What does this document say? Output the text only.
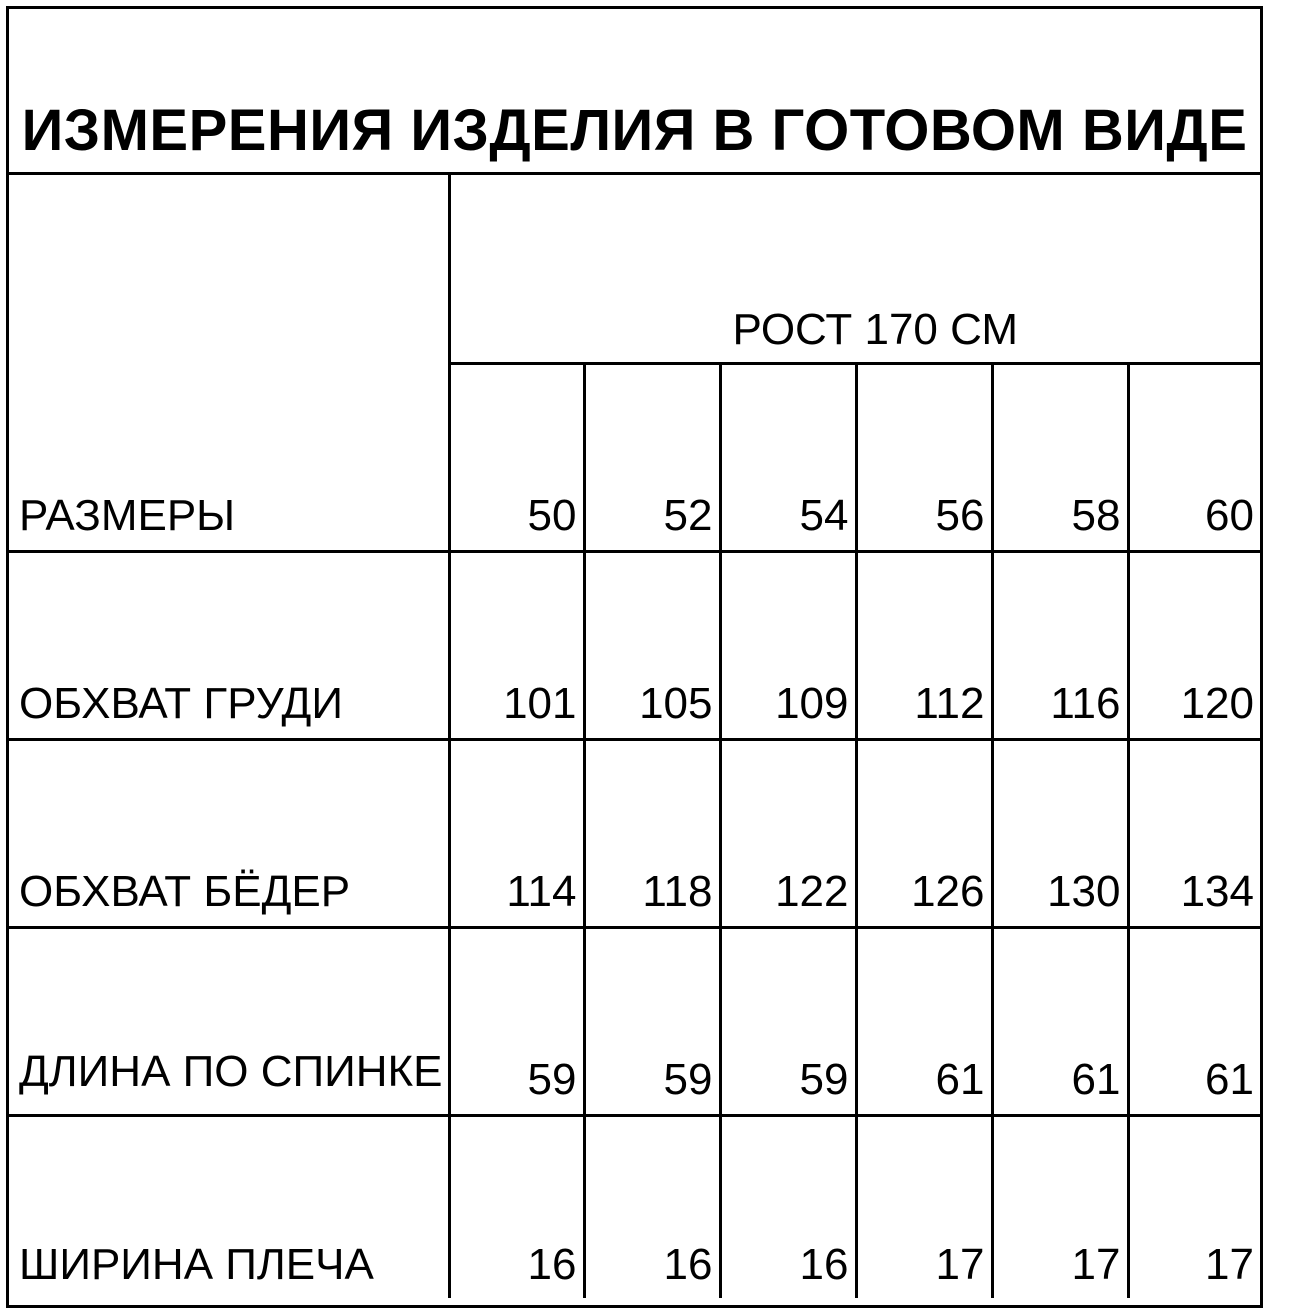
ИЗМЕРЕНИЯ ИЗДЕЛИЯ В ГОТОВОМ ВИДЕ
РАЗМЕРЫ	РОСТ 170 СМ					
	50	52	54	56	58	60
ОБХВАТ ГРУДИ	101	105	109	112	116	120
ОБХВАТ БЁДЕР	114	118	122	126	130	134
ДЛИНА ПО СПИНКЕ	59	59	59	61	61	61
ШИРИНА ПЛЕЧА	16	16	16	17	17	17
